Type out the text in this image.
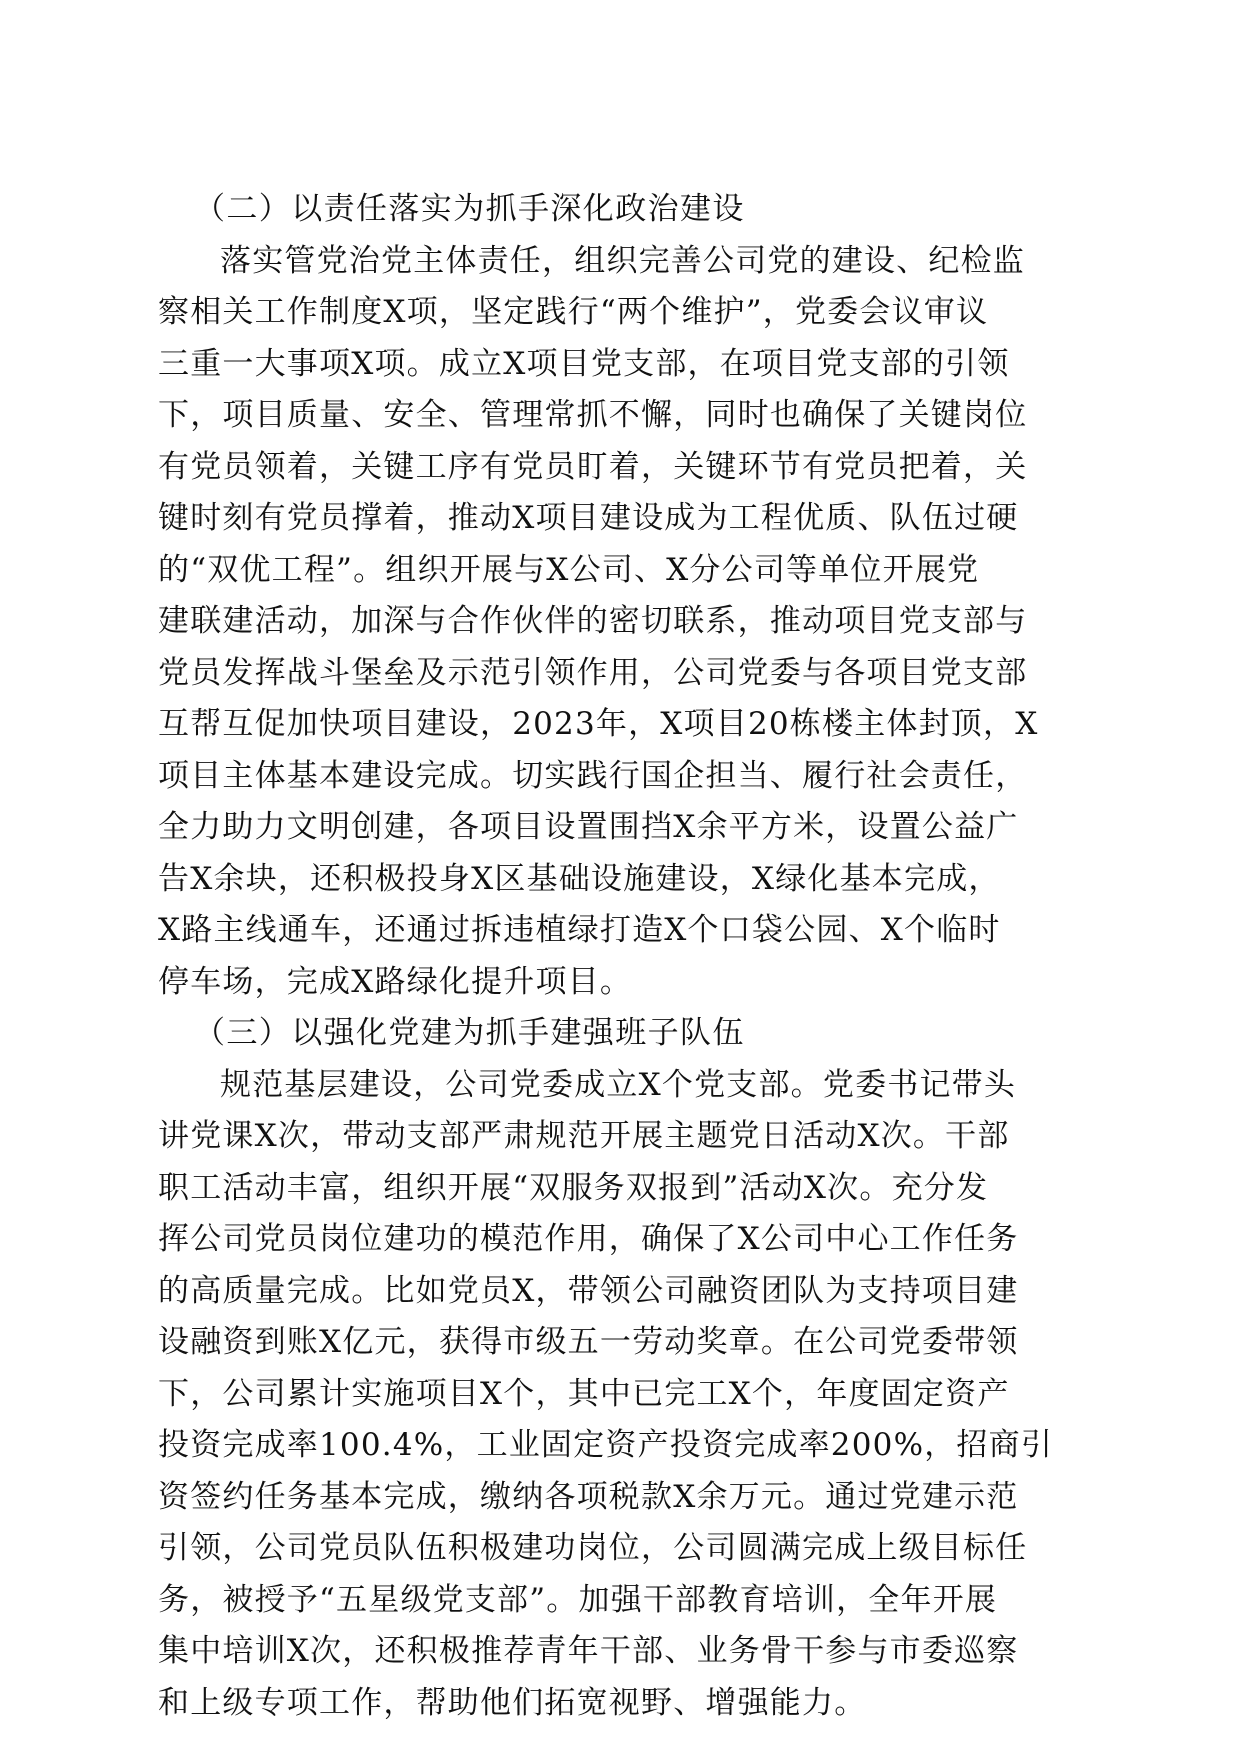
（二）以责任落实为抓手深化政治建设
落实管党治党主体责任，组织完善公司党的建设、纪检监
察相关工作制度X项，坚定践行“两个维护”，党委会议审议
三重一大事项X项。成立X项目党支部，在项目党支部的引领
下，项目质量、安全、管理常抓不懈，同时也确保了关键岗位
有党员领着，关键工序有党员盯着，关键环节有党员把着，关
键时刻有党员撑着，推动X项目建设成为工程优质、队伍过硬
的“双优工程”。组织开展与X公司、X分公司等单位开展党
建联建活动，加深与合作伙伴的密切联系，推动项目党支部与
党员发挥战斗堡垒及示范引领作用，公司党委与各项目党支部
互帮互促加快项目建设，2023年，X项目20栋楼主体封顶，X
项目主体基本建设完成。切实践行国企担当、履行社会责任，
全力助力文明创建，各项目设置围挡X余平方米，设置公益广
告X余块，还积极投身X区基础设施建设，X绿化基本完成，
X路主线通车，还通过拆违植绿打造X个口袋公园、X个临时
停车场，完成X路绿化提升项目。
（三）以强化党建为抓手建强班子队伍
规范基层建设，公司党委成立X个党支部。党委书记带头
讲党课X次，带动支部严肃规范开展主题党日活动X次。干部
职工活动丰富，组织开展“双服务双报到”活动X次。充分发
挥公司党员岗位建功的模范作用，确保了X公司中心工作任务
的高质量完成。比如党员X，带领公司融资团队为支持项目建
设融资到账X亿元，获得市级五一劳动奖章。在公司党委带领
下，公司累计实施项目X个，其中已完工X个，年度固定资产
投资完成率100.4%，工业固定资产投资完成率200%，招商引
资签约任务基本完成，缴纳各项税款X余万元。通过党建示范
引领，公司党员队伍积极建功岗位，公司圆满完成上级目标任
务，被授予“五星级党支部”。加强干部教育培训，全年开展
集中培训X次，还积极推荐青年干部、业务骨干参与市委巡察
和上级专项工作，帮助他们拓宽视野、增强能力。
